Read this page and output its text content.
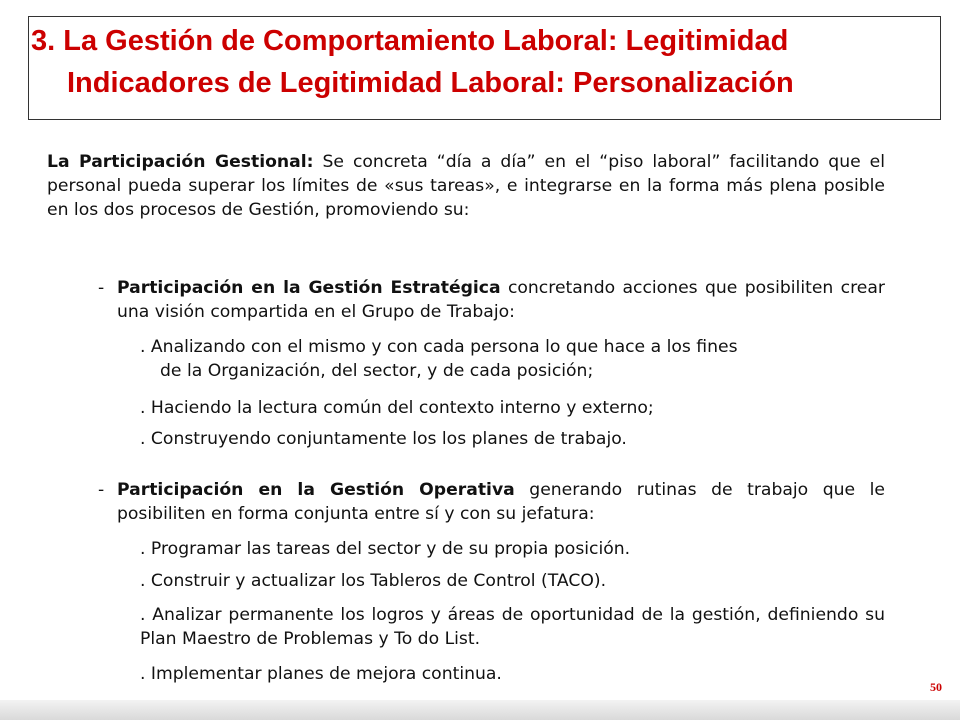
3. La Gestión de Comportamiento Laboral: Legitimidad
Indicadores de Legitimidad Laboral: Personalización
La Participación Gestional: Se concreta “día a día” en el “piso laboral” facilitando que el personal pueda superar los límites de «sus tareas», e integrarse en la forma más plena posible en los dos procesos de Gestión, promoviendo su:
- Participación en la Gestión Estratégica concretando acciones que posibiliten crear una visión compartida en el Grupo de Trabajo:
. Analizando con el mismo y con cada persona lo que hace a los fines
de la Organización, del sector, y de cada posición;
. Haciendo la lectura común del contexto interno y externo;
. Construyendo conjuntamente los los planes de trabajo.
- Participación en la Gestión Operativa generando rutinas de trabajo que le posibiliten en forma conjunta entre sí y con su jefatura:
. Programar las tareas del sector y de su propia posición.
. Construir y actualizar los Tableros de Control (TACO).
. Analizar permanente los logros y áreas de oportunidad de la gestión, definiendo su Plan Maestro de Problemas y To do List.
. Implementar planes de mejora continua.
50
